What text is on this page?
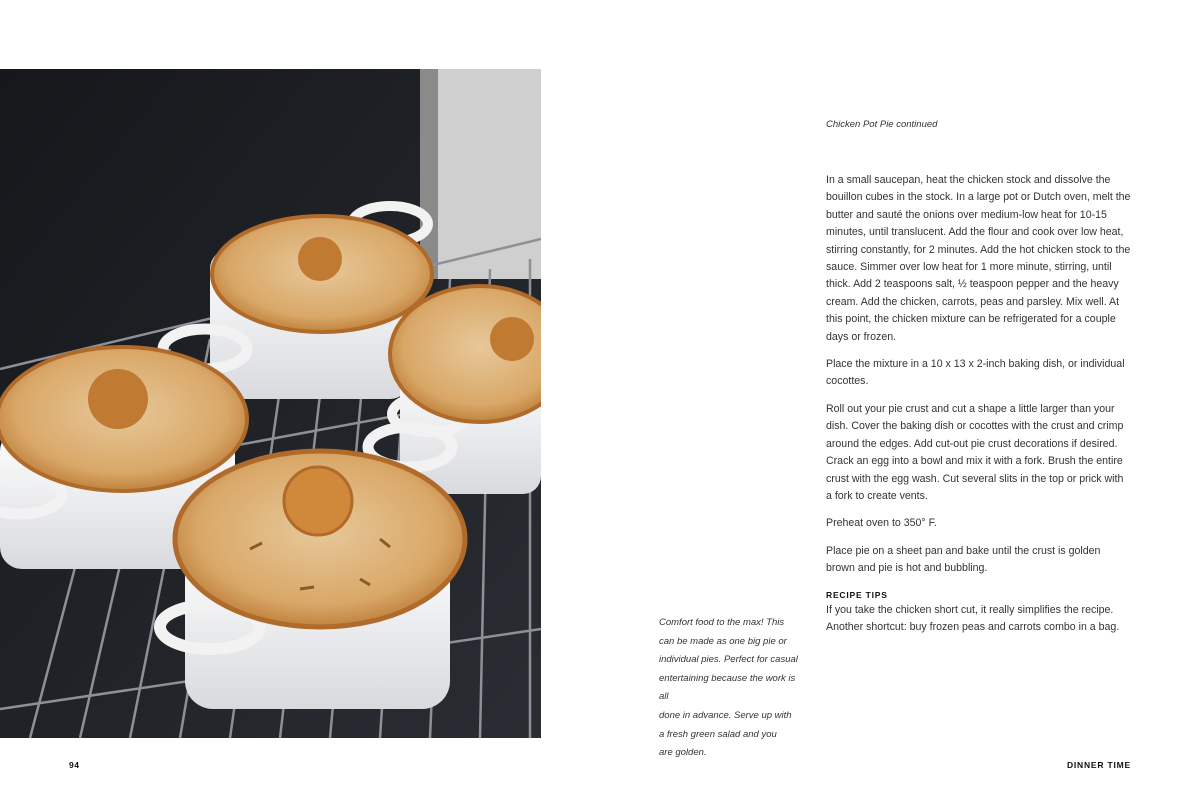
Chicken Pot Pie continued

In a small saucepan, heat the chicken stock and dissolve the bouillon cubes in the stock. In a large pot or Dutch oven, melt the butter and sauté the onions over medium-low heat for 10-15 minutes, until translucent. Add the flour and cook over low heat, stirring constantly, for 2 minutes. Add the hot chicken stock to the sauce. Simmer over low heat for 1 more minute, stirring, until thick. Add 2 teaspoons salt, ½ teaspoon pepper and the heavy cream. Add the chicken, carrots, peas and parsley. Mix well. At this point, the chicken mixture can be refrigerated for a couple days or frozen.

Place the mixture in a 10 x 13 x 2-inch baking dish, or individual cocottes.

Roll out your pie crust and cut a shape a little larger than your dish. Cover the baking dish or cocottes with the crust and crimp around the edges. Add cut-out pie crust decorations if desired. Crack an egg into a bowl and mix it with a fork. Brush the entire crust with the egg wash. Cut several slits in the top or prick with a fork to create vents.

Preheat oven to 350° F.

Place pie on a sheet pan and bake until the crust is golden brown and pie is hot and bubbling.

RECIPE TIPS

If you take the chicken short cut, it really simplifies the recipe. Another shortcut: buy frozen peas and carrots combo in a bag.

Comfort food to the max! This
can be made as one big pie or
individual pies. Perfect for casual
entertaining because the work is all
done in advance. Serve up with
a fresh green salad and you
are golden.
94	DINNER TIME
